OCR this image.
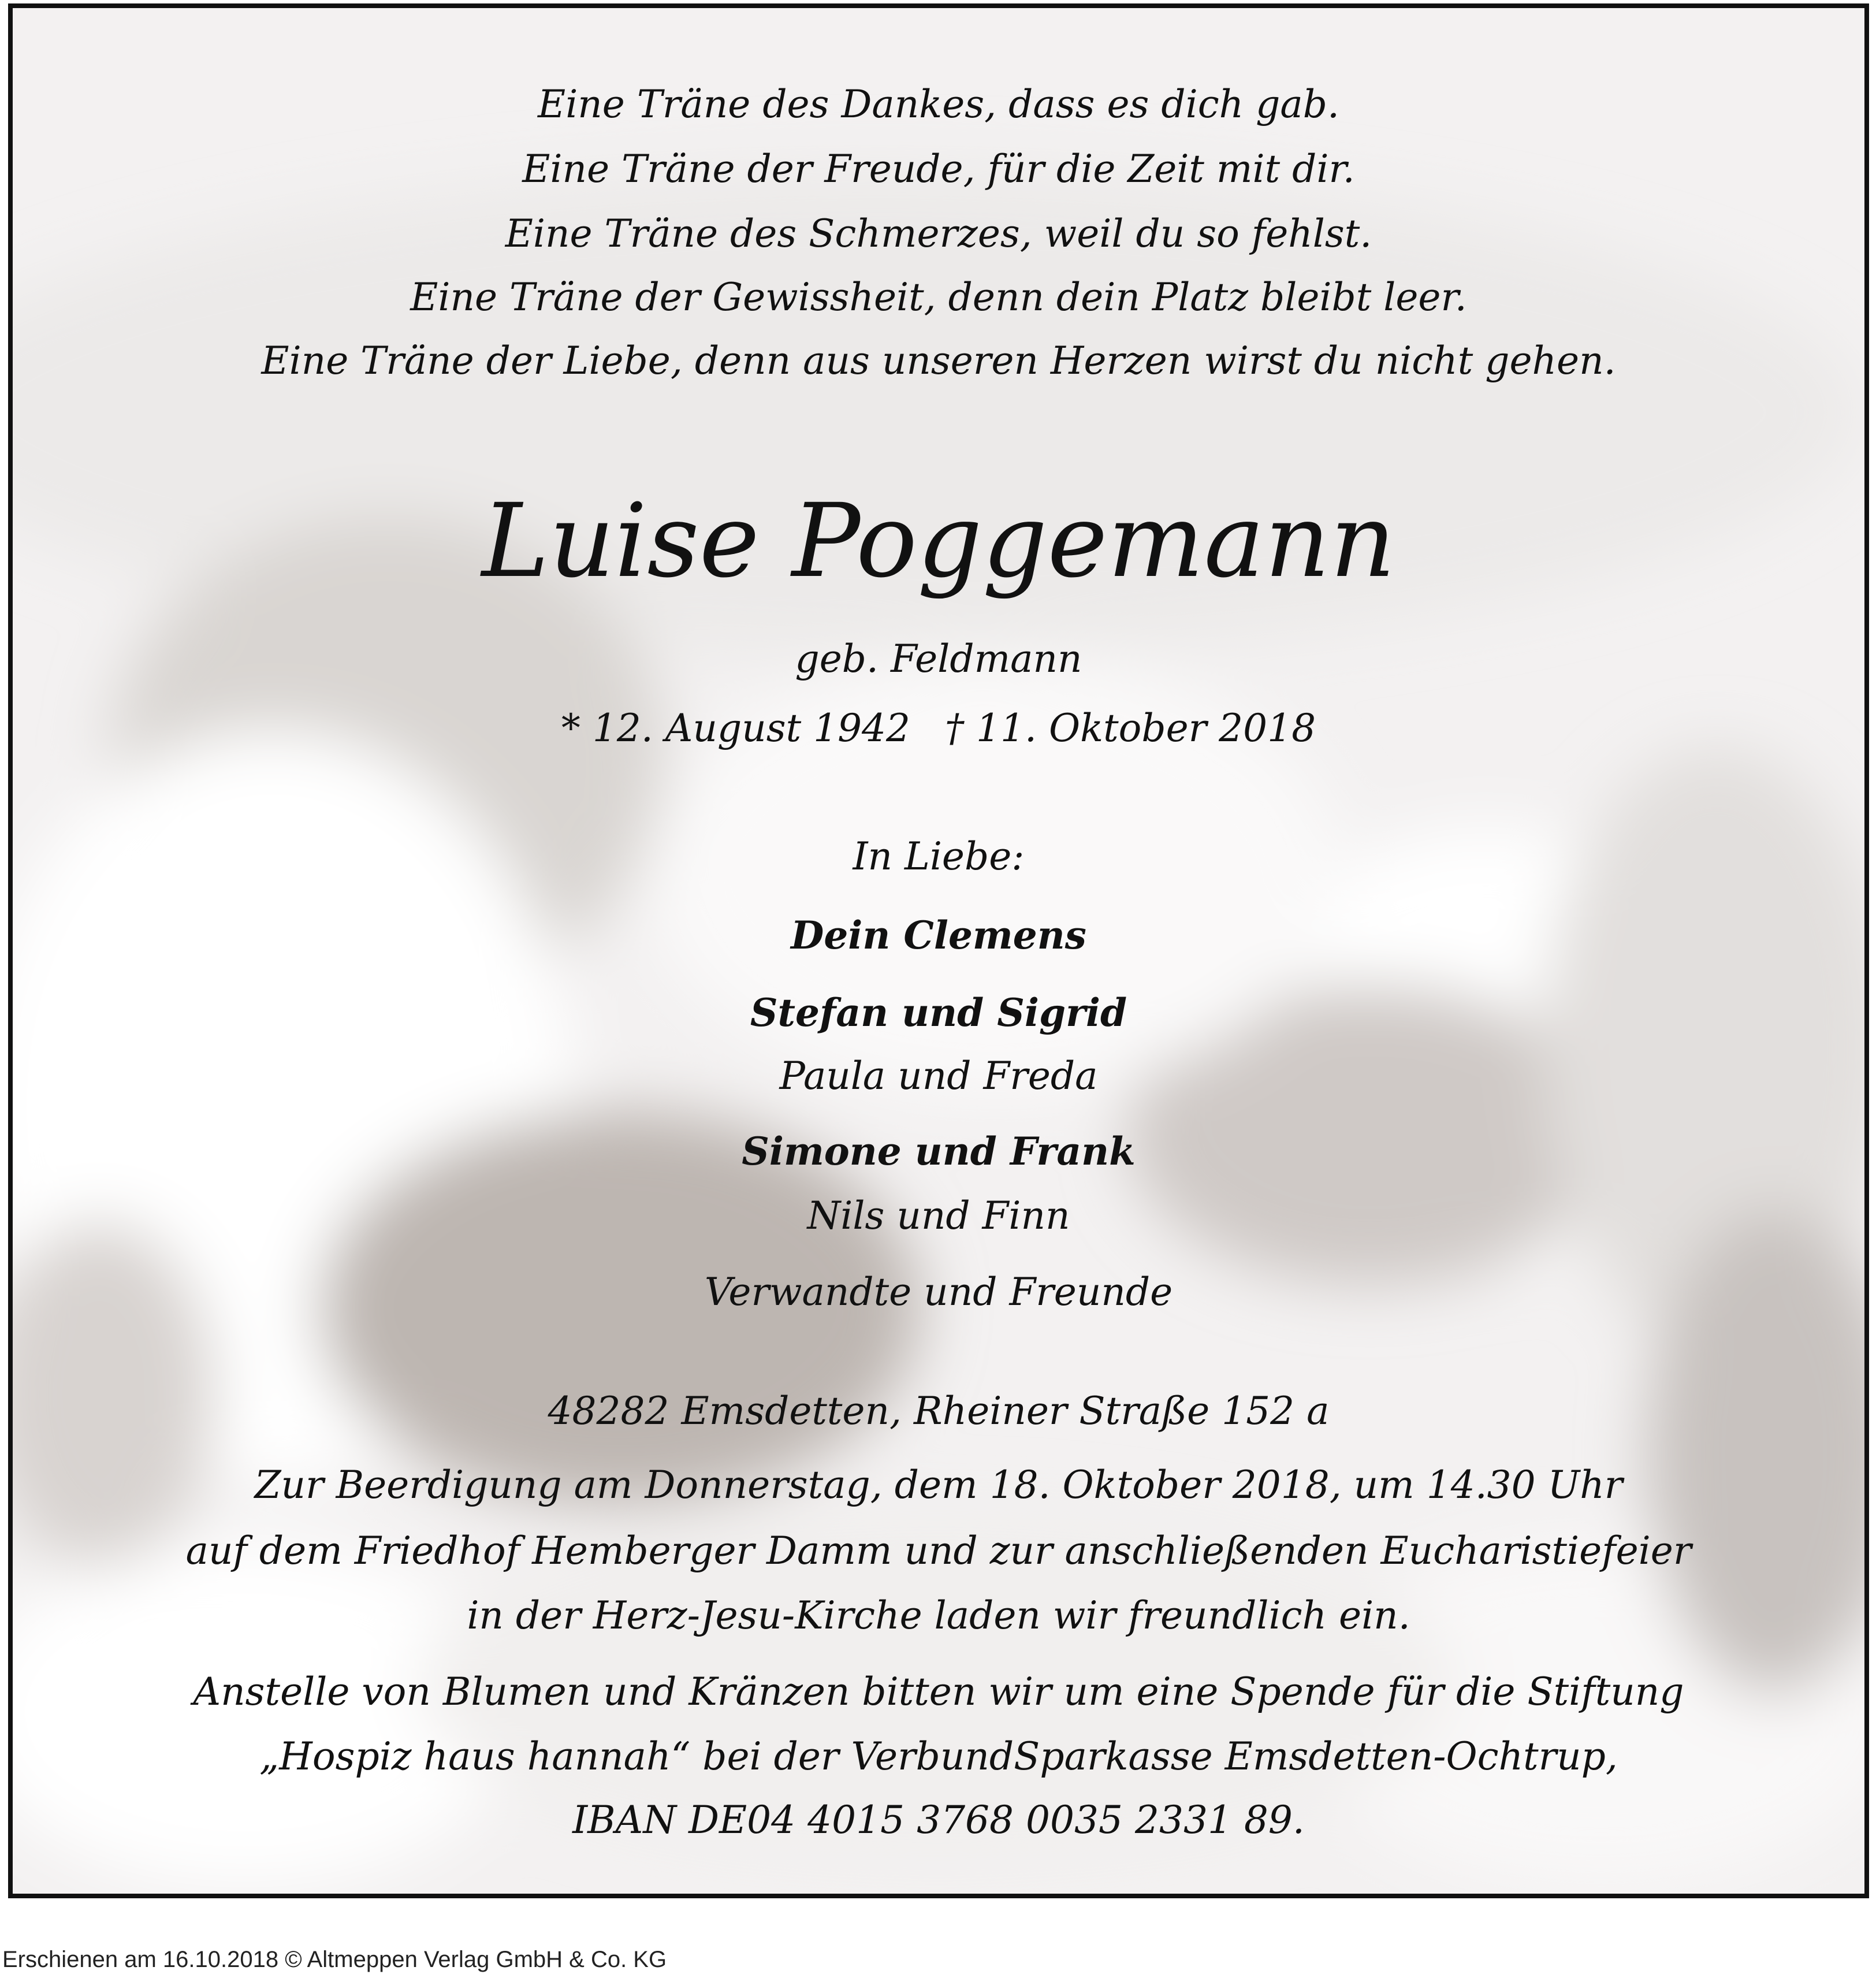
Eine Träne des Dankes, dass es dich gab.
Eine Träne der Freude, für die Zeit mit dir.
Eine Träne des Schmerzes, weil du so fehlst.
Eine Träne der Gewissheit, denn dein Platz bleibt leer.
Eine Träne der Liebe, denn aus unseren Herzen wirst du nicht gehen.
Luise Poggemann
geb. Feldmann
* 12. August 1942 † 11. Oktober 2018
In Liebe:
Dein Clemens
Stefan und Sigrid
Paula und Freda
Simone und Frank
Nils und Finn
Verwandte und Freunde
48282 Emsdetten, Rheiner Straße 152 a
Zur Beerdigung am Donnerstag, dem 18. Oktober 2018, um 14.30 Uhr
auf dem Friedhof Hemberger Damm und zur anschließenden Eucharistiefeier
in der Herz-Jesu-Kirche laden wir freundlich ein.
Anstelle von Blumen und Kränzen bitten wir um eine Spende für die Stiftung
„Hospiz haus hannah“ bei der VerbundSparkasse Emsdetten-Ochtrup,
IBAN DE04 4015 3768 0035 2331 89.
Erschienen am 16.10.2018 © Altmeppen Verlag GmbH & Co. KG
